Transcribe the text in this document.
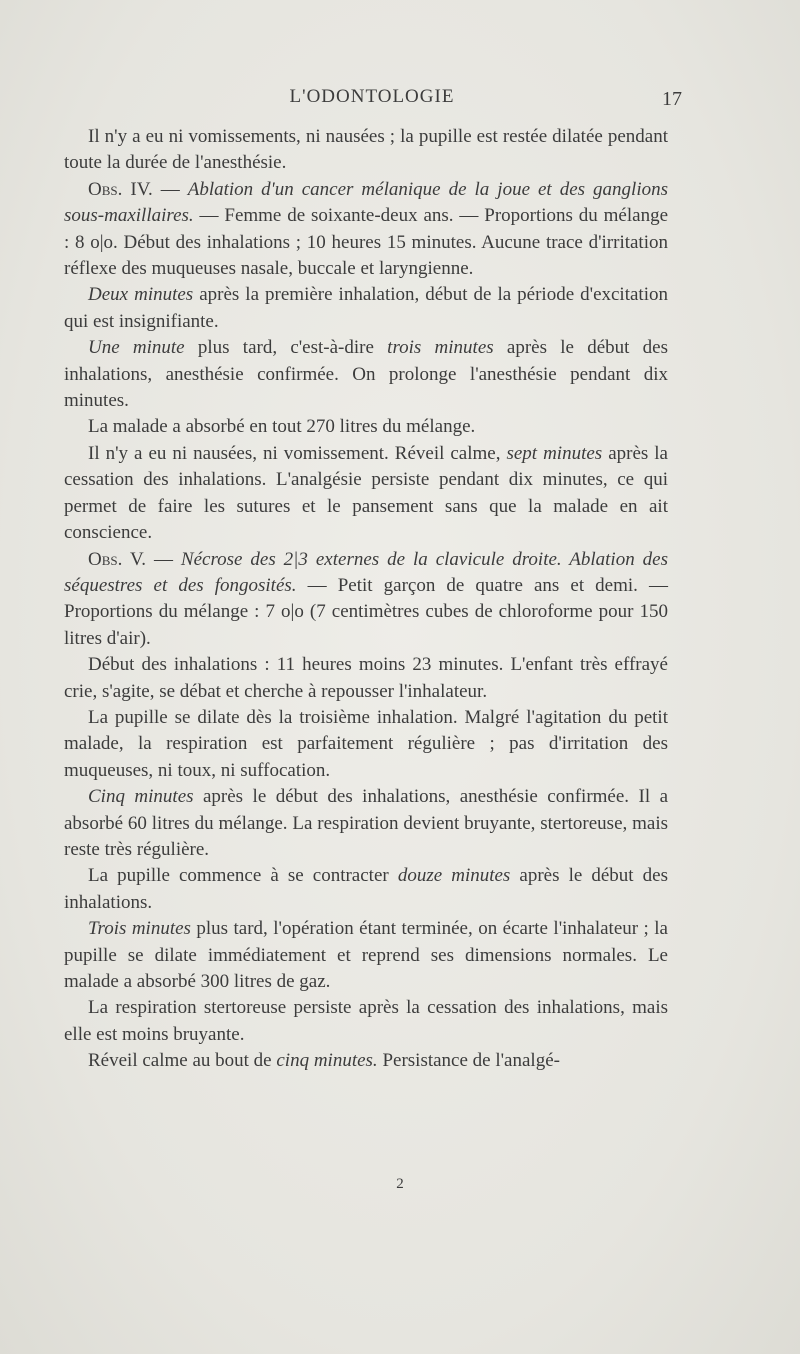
L'ODONTOLOGIE	17

Il n'y a eu ni vomissements, ni nausées ; la pupille est restée dilatée pendant toute la durée de l'anesthésie.

Obs. IV. — Ablation d'un cancer mélanique de la joue et des ganglions sous-maxillaires. — Femme de soixante-deux ans. — Proportions du mélange : 8 o|o. Début des inhalations ; 10 heures 15 minutes. Aucune trace d'irritation réflexe des muqueuses nasale, buccale et laryngienne.

Deux minutes après la première inhalation, début de la période d'excitation qui est insignifiante.

Une minute plus tard, c'est-à-dire trois minutes après le début des inhalations, anesthésie confirmée. On prolonge l'anesthésie pendant dix minutes.

La malade a absorbé en tout 270 litres du mélange.

Il n'y a eu ni nausées, ni vomissement. Réveil calme, sept minutes après la cessation des inhalations. L'analgésie persiste pendant dix minutes, ce qui permet de faire les sutures et le pansement sans que la malade en ait conscience.

Obs. V. — Nécrose des 2|3 externes de la clavicule droite. Ablation des séquestres et des fongosités. — Petit garçon de quatre ans et demi. — Proportions du mélange : 7 o|o (7 centimètres cubes de chloroforme pour 150 litres d'air).

Début des inhalations : 11 heures moins 23 minutes. L'enfant très effrayé crie, s'agite, se débat et cherche à repousser l'inhalateur.

La pupille se dilate dès la troisième inhalation. Malgré l'agitation du petit malade, la respiration est parfaitement régulière ; pas d'irritation des muqueuses, ni toux, ni suffocation.

Cinq minutes après le début des inhalations, anesthésie confirmée. Il a absorbé 60 litres du mélange. La respiration devient bruyante, stertoreuse, mais reste très régulière.

La pupille commence à se contracter douze minutes après le début des inhalations.

Trois minutes plus tard, l'opération étant terminée, on écarte l'inhalateur ; la pupille se dilate immédiatement et reprend ses dimensions normales. Le malade a absorbé 300 litres de gaz.

La respiration stertoreuse persiste après la cessation des inhalations, mais elle est moins bruyante.

Réveil calme au bout de cinq minutes. Persistance de l'analgé-

2
